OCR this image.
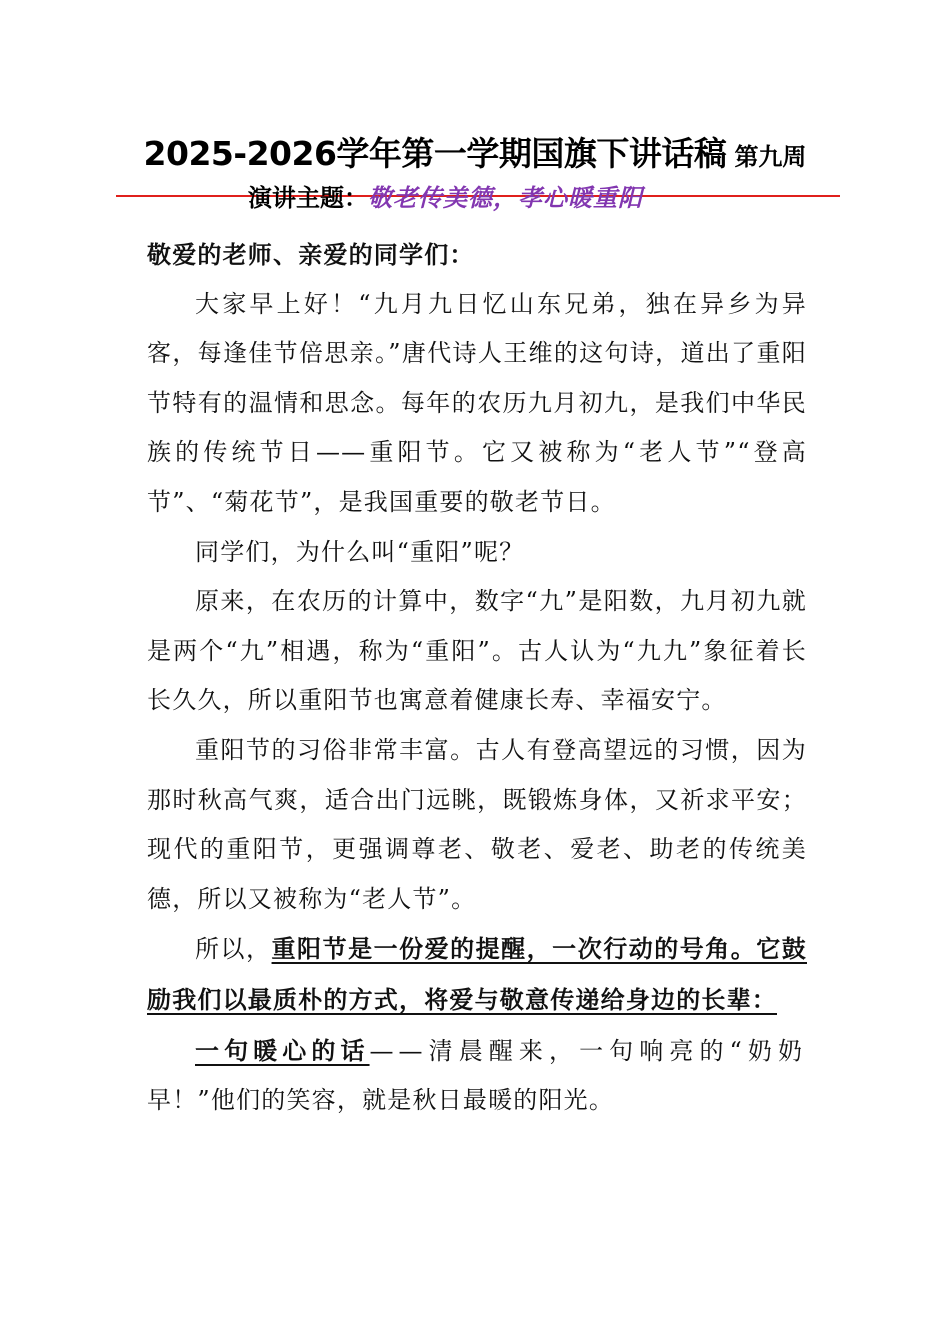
2025-2026学年第一学期国旗下讲话稿 第九周
演讲主题：敬老传美德，孝心暖重阳

敬爱的老师、亲爱的同学们：

大家早上好！“九月九日忆山东兄弟，独在异乡为异客，每逢佳节倍思亲。”唐代诗人王维的这句诗，道出了重阳节特有的温情和思念。每年的农历九月初九，是我们中华民族的传统节日——重阳节。它又被称为“老人节”“登高节”、“菊花节”，是我国重要的敬老节日。

同学们，为什么叫“重阳”呢？

原来，在农历的计算中，数字“九”是阳数，九月初九就是两个“九”相遇，称为“重阳”。古人认为“九九”象征着长长久久，所以重阳节也寓意着健康长寿、幸福安宁。

重阳节的习俗非常丰富。古人有登高望远的习惯，因为那时秋高气爽，适合出门远眺，既锻炼身体，又祈求平安；现代的重阳节，更强调尊老、敬老、爱老、助老的传统美德，所以又被称为“老人节”。

所以，重阳节是一份爱的提醒，一次行动的号角。它鼓励我们以最质朴的方式，将爱与敬意传递给身边的长辈：

一句暖心的话——清晨醒来，一句响亮的“奶奶早！”他们的笑容，就是秋日最暖的阳光。
